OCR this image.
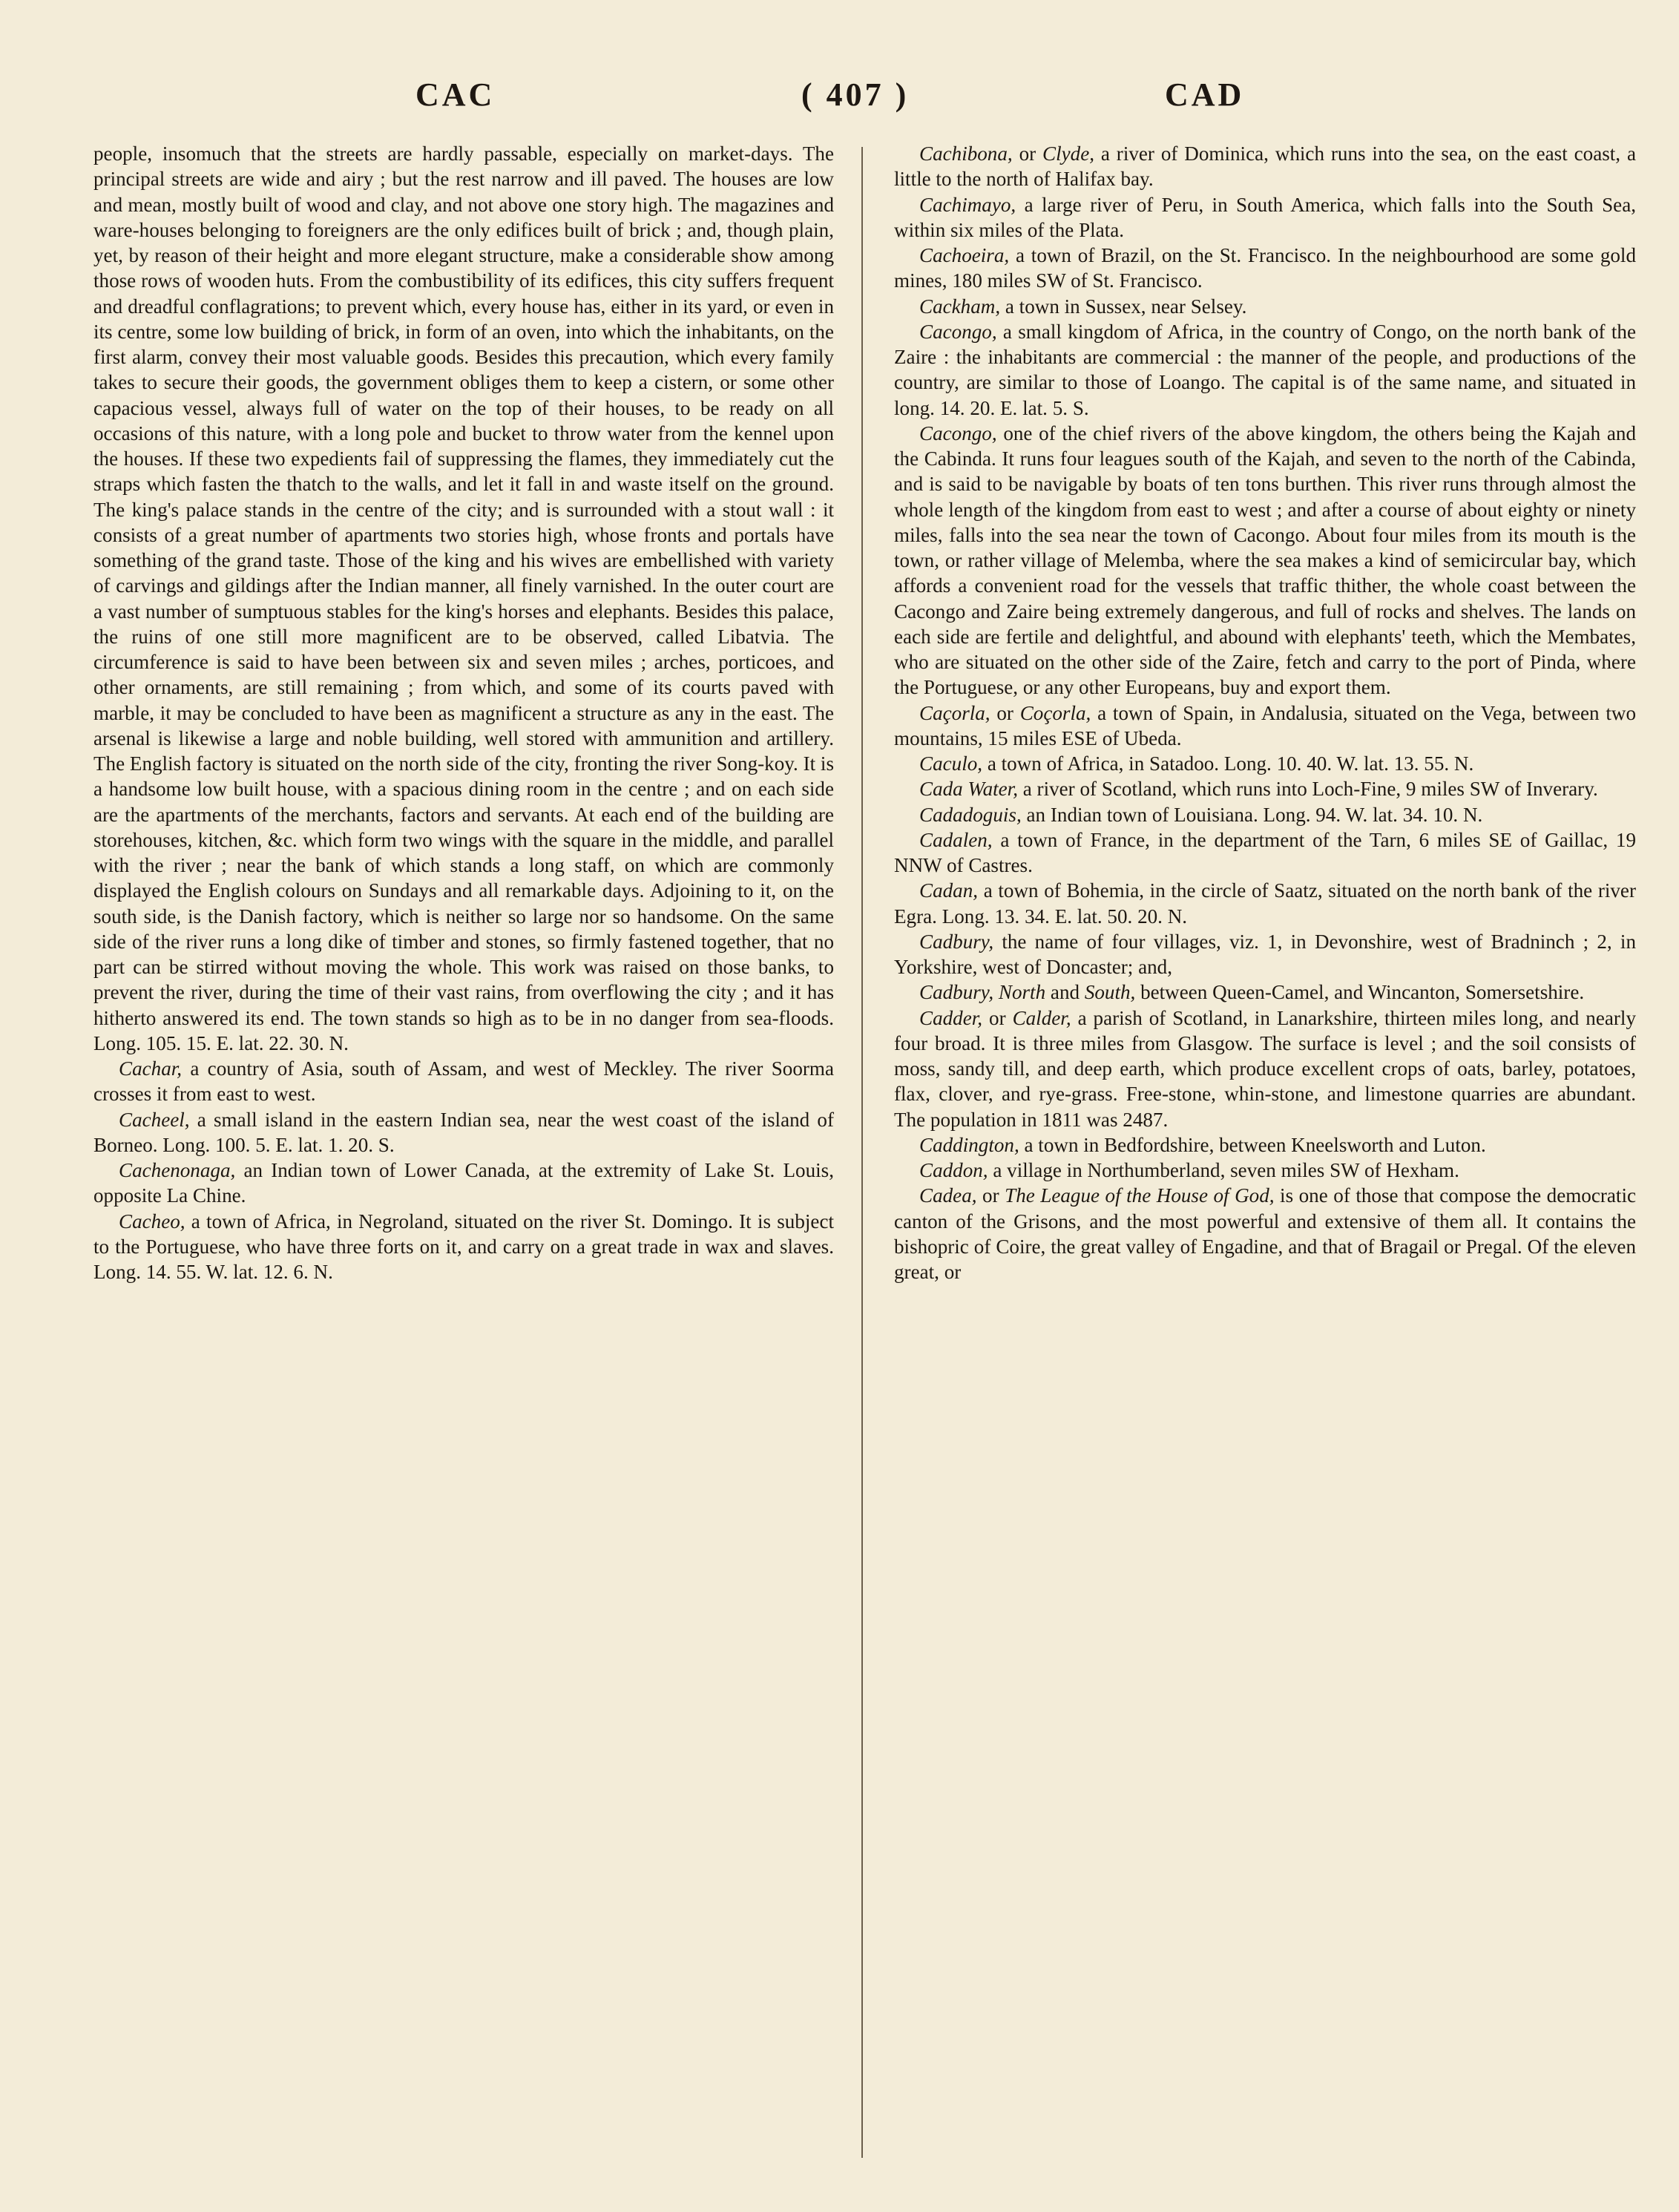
CAC	( 407 )	CAD

people, insomuch that the streets are hardly passable, especially on market-days. The principal streets are wide and airy ; but the rest narrow and ill paved. The houses are low and mean, mostly built of wood and clay, and not above one story high. The magazines and ware-houses belonging to foreigners are the only edifices built of brick ; and, though plain, yet, by reason of their height and more elegant structure, make a considerable show among those rows of wooden huts. From the combustibility of its edifices, this city suffers frequent and dreadful conflagrations; to prevent which, every house has, either in its yard, or even in its centre, some low building of brick, in form of an oven, into which the inhabitants, on the first alarm, convey their most valuable goods. Besides this precaution, which every family takes to secure their goods, the government obliges them to keep a cistern, or some other capacious vessel, always full of water on the top of their houses, to be ready on all occasions of this nature, with a long pole and bucket to throw water from the kennel upon the houses. If these two expedients fail of suppressing the flames, they immediately cut the straps which fasten the thatch to the walls, and let it fall in and waste itself on the ground. The king's palace stands in the centre of the city; and is surrounded with a stout wall : it consists of a great number of apartments two stories high, whose fronts and portals have something of the grand taste. Those of the king and his wives are embellished with variety of carvings and gildings after the Indian manner, all finely varnished. In the outer court are a vast number of sumptuous stables for the king's horses and elephants. Besides this palace, the ruins of one still more magnificent are to be observed, called Libatvia. The circumference is said to have been between six and seven miles ; arches, porticoes, and other ornaments, are still remaining ; from which, and some of its courts paved with marble, it may be concluded to have been as magnificent a structure as any in the east. The arsenal is likewise a large and noble building, well stored with ammunition and artillery. The English factory is situated on the north side of the city, fronting the river Song-koy. It is a handsome low built house, with a spacious dining room in the centre ; and on each side are the apartments of the merchants, factors and servants. At each end of the building are storehouses, kitchen, &c. which form two wings with the square in the middle, and parallel with the river ; near the bank of which stands a long staff, on which are commonly displayed the English colours on Sundays and all remarkable days. Adjoining to it, on the south side, is the Danish factory, which is neither so large nor so handsome. On the same side of the river runs a long dike of timber and stones, so firmly fastened together, that no part can be stirred without moving the whole. This work was raised on those banks, to prevent the river, during the time of their vast rains, from overflowing the city ; and it has hitherto answered its end. The town stands so high as to be in no danger from sea-floods. Long. 105. 15. E. lat. 22. 30. N.

Cachar, a country of Asia, south of Assam, and west of Meckley. The river Soorma crosses it from east to west.

Cacheel, a small island in the eastern Indian sea, near the west coast of the island of Borneo. Long. 100. 5. E. lat. 1. 20. S.

Cachenonaga, an Indian town of Lower Canada, at the extremity of Lake St. Louis, opposite La Chine.

Cacheo, a town of Africa, in Negroland, situated on the river St. Domingo. It is subject to the Portuguese, who have three forts on it, and carry on a great trade in wax and slaves. Long. 14. 55. W. lat. 12. 6. N.

Cachibona, or Clyde, a river of Dominica, which runs into the sea, on the east coast, a little to the north of Halifax bay.

Cachimayo, a large river of Peru, in South America, which falls into the South Sea, within six miles of the Plata.

Cachoeira, a town of Brazil, on the St. Francisco. In the neighbourhood are some gold mines, 180 miles SW of St. Francisco.

Cackham, a town in Sussex, near Selsey.

Cacongo, a small kingdom of Africa, in the country of Congo, on the north bank of the Zaire : the inhabitants are commercial : the manner of the people, and productions of the country, are similar to those of Loango. The capital is of the same name, and situated in long. 14. 20. E. lat. 5. S.

Cacongo, one of the chief rivers of the above kingdom, the others being the Kajah and the Cabinda. It runs four leagues south of the Kajah, and seven to the north of the Cabinda, and is said to be navigable by boats of ten tons burthen. This river runs through almost the whole length of the kingdom from east to west ; and after a course of about eighty or ninety miles, falls into the sea near the town of Cacongo. About four miles from its mouth is the town, or rather village of Melemba, where the sea makes a kind of semicircular bay, which affords a convenient road for the vessels that traffic thither, the whole coast between the Cacongo and Zaire being extremely dangerous, and full of rocks and shelves. The lands on each side are fertile and delightful, and abound with elephants' teeth, which the Membates, who are situated on the other side of the Zaire, fetch and carry to the port of Pinda, where the Portuguese, or any other Europeans, buy and export them.

Caçorla, or Coçorla, a town of Spain, in Andalusia, situated on the Vega, between two mountains, 15 miles ESE of Ubeda.

Caculo, a town of Africa, in Satadoo. Long. 10. 40. W. lat. 13. 55. N.

Cada Water, a river of Scotland, which runs into Loch-Fine, 9 miles SW of Inverary.

Cadadoguis, an Indian town of Louisiana. Long. 94. W. lat. 34. 10. N.

Cadalen, a town of France, in the department of the Tarn, 6 miles SE of Gaillac, 19 NNW of Castres.

Cadan, a town of Bohemia, in the circle of Saatz, situated on the north bank of the river Egra. Long. 13. 34. E. lat. 50. 20. N.

Cadbury, the name of four villages, viz. 1, in Devonshire, west of Bradninch ; 2, in Yorkshire, west of Doncaster; and,

Cadbury, North and South, between Queen-Camel, and Wincanton, Somersetshire.

Cadder, or Calder, a parish of Scotland, in Lanarkshire, thirteen miles long, and nearly four broad. It is three miles from Glasgow. The surface is level ; and the soil consists of moss, sandy till, and deep earth, which produce excellent crops of oats, barley, potatoes, flax, clover, and rye-grass. Free-stone, whin-stone, and limestone quarries are abundant. The population in 1811 was 2487.

Caddington, a town in Bedfordshire, between Kneelsworth and Luton.

Caddon, a village in Northumberland, seven miles SW of Hexham.

Cadea, or The League of the House of God, is one of those that compose the democratic canton of the Grisons, and the most powerful and extensive of them all. It contains the bishopric of Coire, the great valley of Engadine, and that of Bragail or Pregal. Of the eleven great, or
